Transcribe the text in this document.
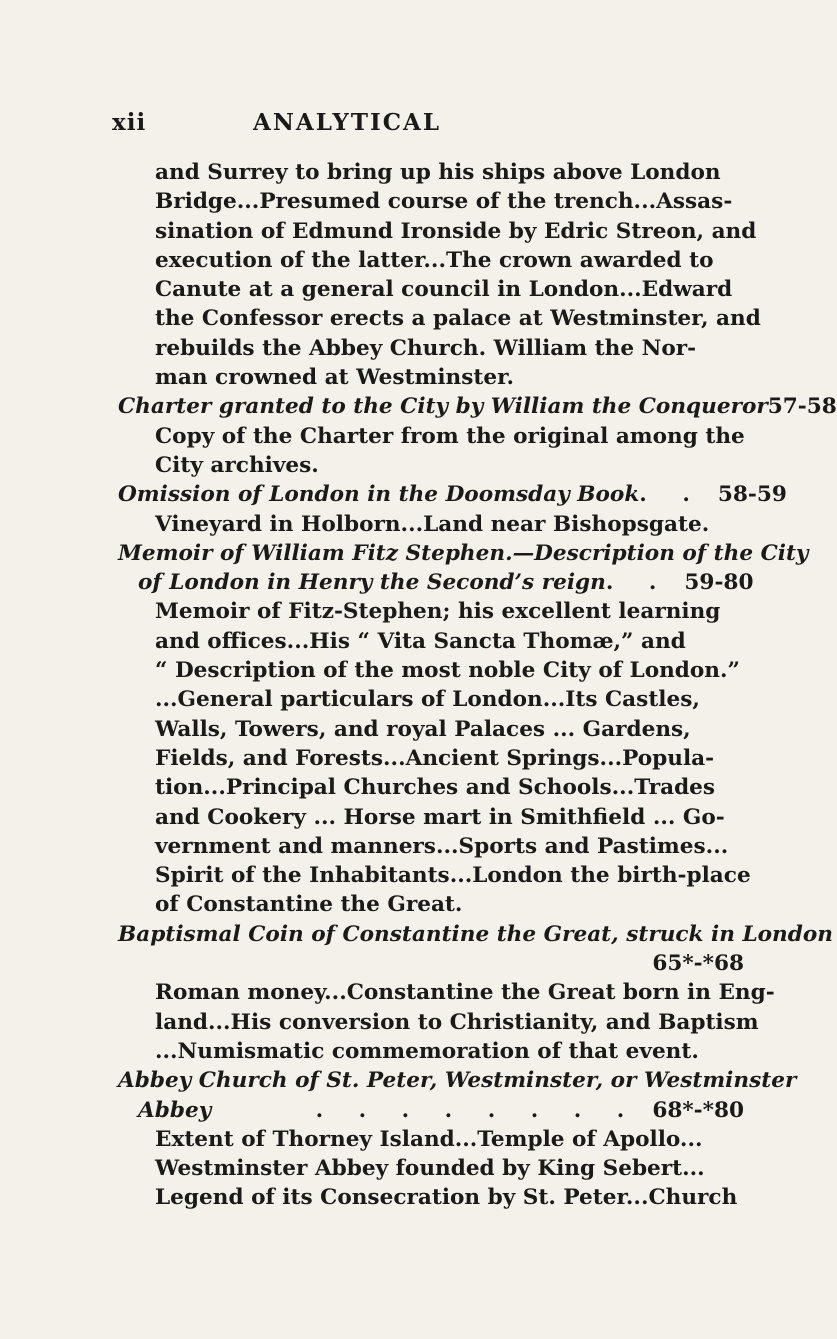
xii	ANALYTICAL
and Surrey to bring up his ships above London
Bridge...Presumed course of the trench...Assas-
sination of Edmund Ironside by Edric Streon, and
execution of the latter...The crown awarded to
Canute at a general council in London...Edward
the Confessor erects a palace at Westminster, and
rebuilds the Abbey Church. William the Nor-
man crowned at Westminster.
Charter granted to the City by William the Conqueror 57-58
Copy of the Charter from the original among the
City archives.
Omission of London in the Doomsday Book . . 58-59
Vineyard in Holborn...Land near Bishopsgate.
Memoir of William Fitz Stephen.—Description of the City
of London in Henry the Second’s reign . . 59-80
Memoir of Fitz-Stephen; his excellent learning
and offices...His “ Vita Sancta Thomæ,” and
“ Description of the most noble City of London.”
...General particulars of London...Its Castles,
Walls, Towers, and royal Palaces ... Gardens,
Fields, and Forests...Ancient Springs...Popula-
tion...Principal Churches and Schools...Trades
and Cookery ... Horse mart in Smithfield ... Go-
vernment and manners...Sports and Pastimes...
Spirit of the Inhabitants...London the birth-place
of Constantine the Great.
Baptismal Coin of Constantine the Great, struck in London
65*-*68
Roman money...Constantine the Great born in Eng-
land...His conversion to Christianity, and Baptism
...Numismatic commemoration of that event.
Abbey Church of St. Peter, Westminster, or Westminster
Abbey	. . . . . . . . 68*-*80
Extent of Thorney Island...Temple of Apollo...
Westminster Abbey founded by King Sebert...
Legend of its Consecration by St. Peter...Church
